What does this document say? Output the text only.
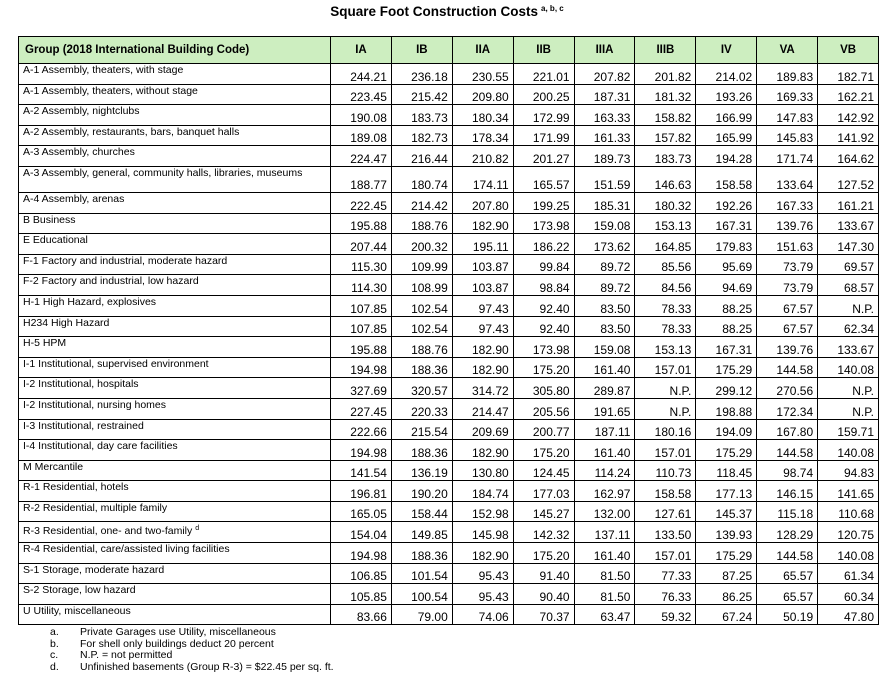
Square Foot Construction Costs $^{a, b, c}$
Group (2018 International Building Code)	IA	IB	IIA	IIB	IIIA	IIIB	IV	VA	VB
A-1 Assembly, theaters, with stage	244.21	236.18	230.55	221.01	207.82	201.82	214.02	189.83	182.71
A-1 Assembly, theaters, without stage	223.45	215.42	209.80	200.25	187.31	181.32	193.26	169.33	162.21
A-2 Assembly, nightclubs	190.08	183.73	180.34	172.99	163.33	158.82	166.99	147.83	142.92
A-2 Assembly, restaurants, bars, banquet halls	189.08	182.73	178.34	171.99	161.33	157.82	165.99	145.83	141.92
A-3 Assembly, churches	224.47	216.44	210.82	201.27	189.73	183.73	194.28	171.74	164.62
A-3 Assembly, general, community halls, libraries, museums	188.77	180.74	174.11	165.57	151.59	146.63	158.58	133.64	127.52
A-4 Assembly, arenas	222.45	214.42	207.80	199.25	185.31	180.32	192.26	167.33	161.21
B Business	195.88	188.76	182.90	173.98	159.08	153.13	167.31	139.76	133.67
E Educational	207.44	200.32	195.11	186.22	173.62	164.85	179.83	151.63	147.30
F-1 Factory and industrial, moderate hazard	115.30	109.99	103.87	99.84	89.72	85.56	95.69	73.79	69.57
F-2 Factory and industrial, low hazard	114.30	108.99	103.87	98.84	89.72	84.56	94.69	73.79	68.57
H-1 High Hazard, explosives	107.85	102.54	97.43	92.40	83.50	78.33	88.25	67.57	N.P.
H234 High Hazard	107.85	102.54	97.43	92.40	83.50	78.33	88.25	67.57	62.34
H-5 HPM	195.88	188.76	182.90	173.98	159.08	153.13	167.31	139.76	133.67
I-1 Institutional, supervised environment	194.98	188.36	182.90	175.20	161.40	157.01	175.29	144.58	140.08
I-2 Institutional, hospitals	327.69	320.57	314.72	305.80	289.87	N.P.	299.12	270.56	N.P.
I-2 Institutional, nursing homes	227.45	220.33	214.47	205.56	191.65	N.P.	198.88	172.34	N.P.
I-3 Institutional, restrained	222.66	215.54	209.69	200.77	187.11	180.16	194.09	167.80	159.71
I-4 Institutional, day care facilities	194.98	188.36	182.90	175.20	161.40	157.01	175.29	144.58	140.08
M Mercantile	141.54	136.19	130.80	124.45	114.24	110.73	118.45	98.74	94.83
R-1 Residential, hotels	196.81	190.20	184.74	177.03	162.97	158.58	177.13	146.15	141.65
R-2 Residential, multiple family	165.05	158.44	152.98	145.27	132.00	127.61	145.37	115.18	110.68
R-3 Residential, one- and two-family $^d$	154.04	149.85	145.98	142.32	137.11	133.50	139.93	128.29	120.75
R-4 Residential, care/assisted living facilities	194.98	188.36	182.90	175.20	161.40	157.01	175.29	144.58	140.08
S-1 Storage, moderate hazard	106.85	101.54	95.43	91.40	81.50	77.33	87.25	65.57	61.34
S-2 Storage, low hazard	105.85	100.54	95.43	90.40	81.50	76.33	86.25	65.57	60.34
U Utility, miscellaneous	83.66	79.00	74.06	70.37	63.47	59.32	67.24	50.19	47.80
a.	Private Garages use Utility, miscellaneous
b.	For shell only buildings deduct 20 percent
c.	N.P. = not permitted
d.	Unfinished basements (Group R-3) = $22.45 per sq. ft.
